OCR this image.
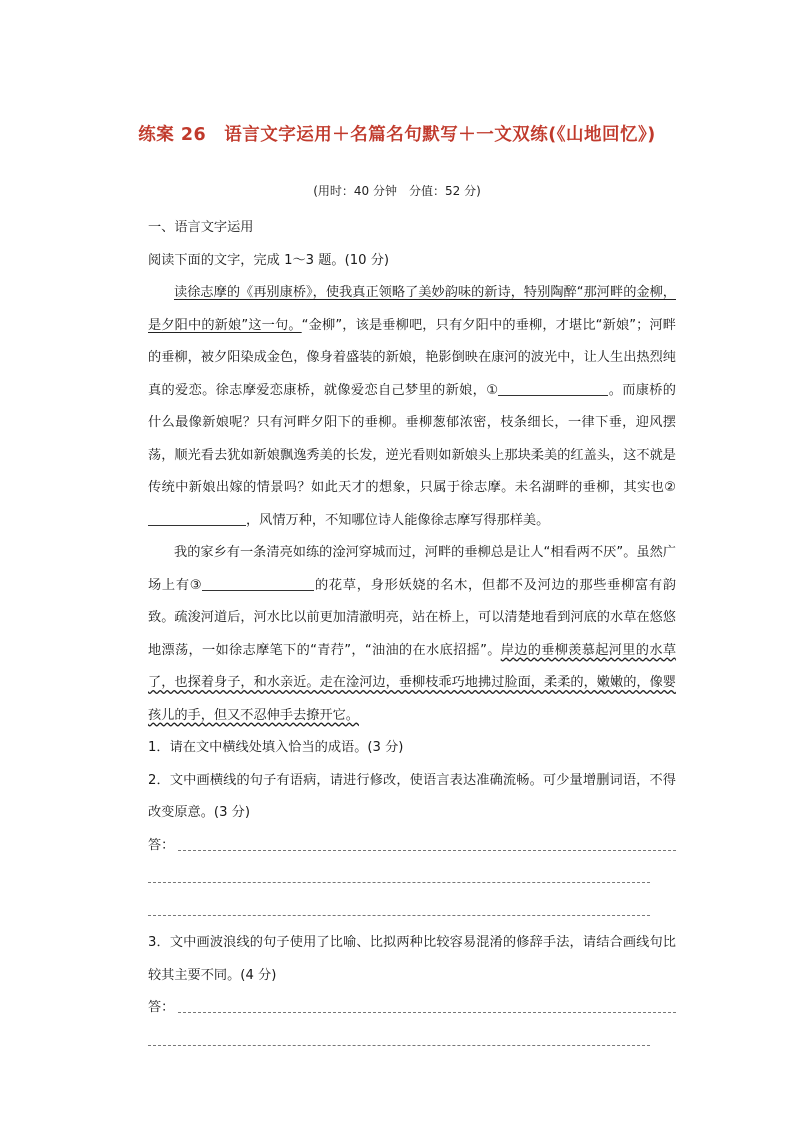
练案 26　语言文字运用＋名篇名句默写＋一文双练(《山地回忆》)
(用时：40 分钟　分值：52 分)

一、语言文字运用

阅读下面的文字，完成 1～3 题。(10 分)

读徐志摩的《再别康桥》，使我真正领略了美妙韵味的新诗，特别陶醉“那河畔的金柳，是夕阳中的新娘”这一句。“金柳”，该是垂柳吧，只有夕阳中的垂柳，才堪比“新娘”；河畔的垂柳，被夕阳染成金色，像身着盛装的新娘，艳影倒映在康河的波光中，让人生出热烈纯真的爱恋。徐志摩爱恋康桥，就像爱恋自己梦里的新娘，①	。而康桥的什么最像新娘呢？只有河畔夕阳下的垂柳。垂柳葱郁浓密，枝条细长，一律下垂，迎风摆荡，顺光看去犹如新娘飘逸秀美的长发，逆光看则如新娘头上那块柔美的红盖头，这不就是传统中新娘出嫁的情景吗？如此天才的想象，只属于徐志摩。未名湖畔的垂柳，其实也②，风情万种，不知哪位诗人能像徐志摩写得那样美。

我的家乡有一条清亮如练的淦河穿城而过，河畔的垂柳总是让人“相看两不厌”。虽然广场上有③	的花草，身形妖娆的名木，但都不及河边的那些垂柳富有韵致。疏浚河道后，河水比以前更加清澈明亮，站在桥上，可以清楚地看到河底的水草在悠悠地漂荡，一如徐志摩笔下的“青荇”，“油油的在水底招摇”。岸边的垂柳羡慕起河里的水草了，也探着身子，和水亲近。走在淦河边，垂柳枝乖巧地拂过脸面，柔柔的，嫩嫩的，像婴孩儿的手，但又不忍伸手去撩开它。

1．请在文中横线处填入恰当的成语。(3 分)

2．文中画横线的句子有语病，请进行修改，使语言表达准确流畅。可少量增删词语，不得改变原意。(3 分)

答：

3．文中画波浪线的句子使用了比喻、比拟两种比较容易混淆的修辞手法，请结合画线句比较其主要不同。(4 分)

答：
